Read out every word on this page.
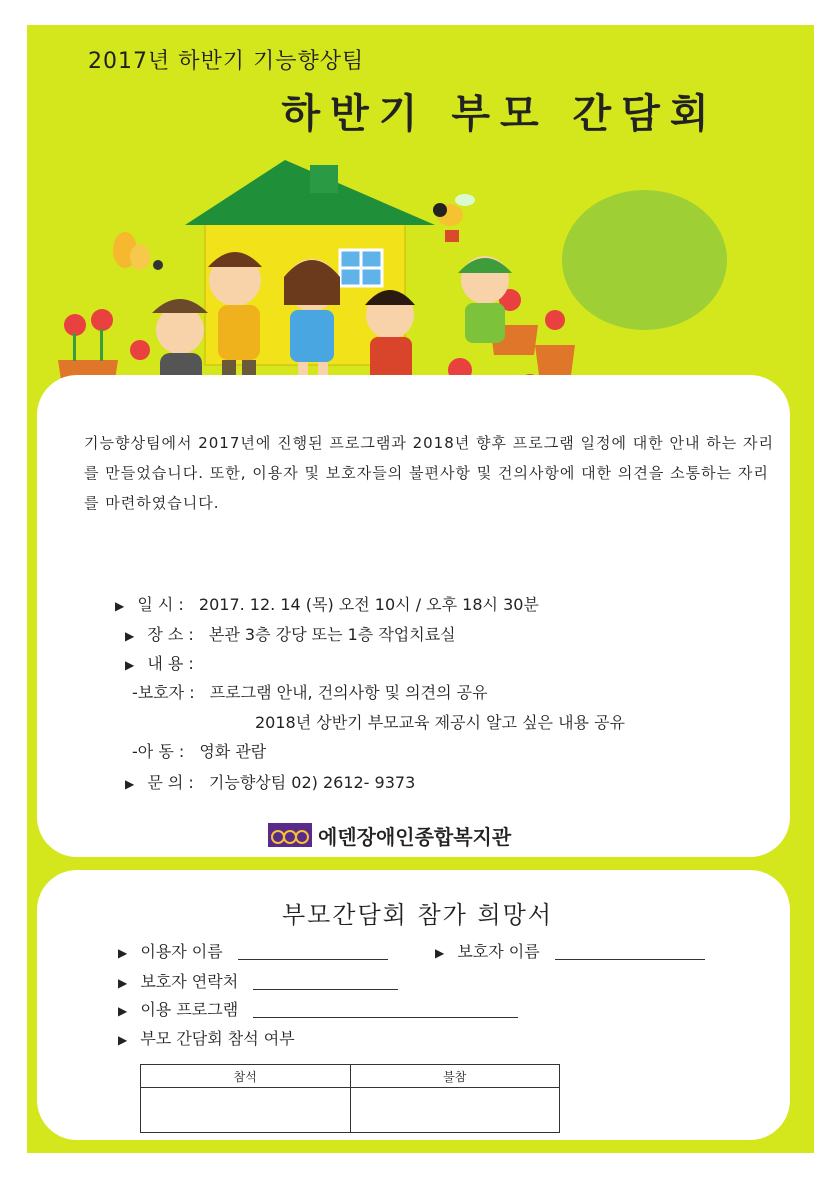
2017년 하반기 기능향상팀
하반기 부모 간담회

기능향상팀에서 2017년에 진행된 프로그램과 2018년 향후 프로그램 일정에 대한 안내 하는 자리를 만들었습니다. 또한, 이용자 및 보호자들의 불편사항 및 건의사항에 대한 의견을 소통하는 자리를 마련하였습니다.

▶ 일 시 : 2017. 12. 14 (목) 오전 10시 / 오후 18시 30분
▶ 장 소 : 본관 3층 강당 또는 1층 작업치료실
▶ 내 용 :
-보호자 : 프로그램 안내, 건의사항 및 의견의 공유
2018년 상반기 부모교육 제공시 알고 싶은 내용 공유
-아 동 : 영화 관람
▶ 문 의 : 기능향상팀 02) 2612- 9373
에덴장애인종합복지관
부모간담회 참가 희망서
▶ 이용자 이름	▶ 보호자 이름
▶ 보호자 연락처
▶ 이용 프로그램
▶ 부모 간담회 참석 여부
참석	불참
